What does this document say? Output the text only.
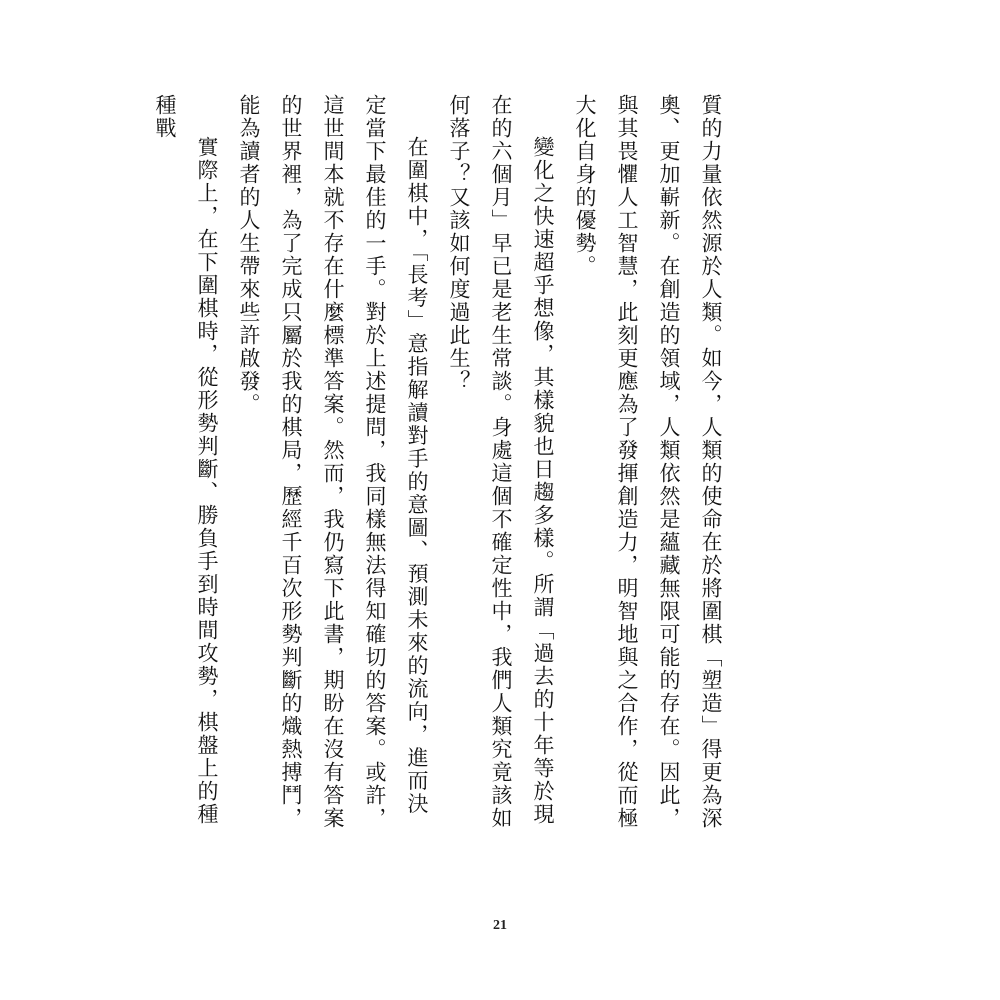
質的力量依然源於人類。如今，人類的使命在於將圍棋「塑造」得更為深奧、更加嶄新。在創造的領域，人類依然是蘊藏無限可能的存在。因此，與其畏懼人工智慧，此刻更應為了發揮創造力，明智地與之合作，從而極大化自身的優勢。

變化之快速超乎想像，其樣貌也日趨多樣。所謂「過去的十年等於現在的六個月」早已是老生常談。身處這個不確定性中，我們人類究竟該如何落子？又該如何度過此生？

在圍棋中，「長考」意指解讀對手的意圖、預測未來的流向，進而決定當下最佳的一手。對於上述提問，我同樣無法得知確切的答案。或許，這世間本就不存在什麼標準答案。然而，我仍寫下此書，期盼在沒有答案的世界裡，為了完成只屬於我的棋局，歷經千百次形勢判斷的熾熱搏鬥，能為讀者的人生帶來些許啟發。

實際上，在下圍棋時，從形勢判斷、勝負手到時間攻勢，棋盤上的種種戰

21
